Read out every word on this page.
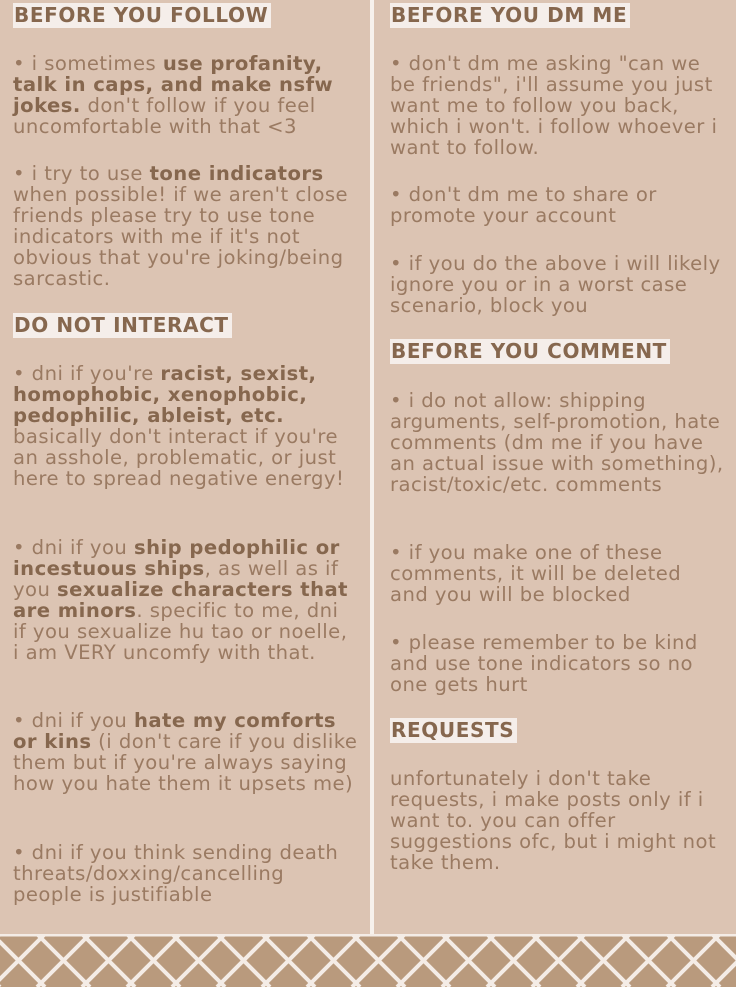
BEFORE YOU FOLLOW

• i sometimes use profanity, talk in caps, and make nsfw jokes. don't follow if you feel uncomfortable with that <3

• i try to use tone indicators when possible! if we aren't close friends please try to use tone indicators with me if it's not obvious that you're joking/being sarcastic.

DO NOT INTERACT

• dni if you're racist, sexist, homophobic, xenophobic, pedophilic, ableist, etc. basically don't interact if you're an asshole, problematic, or just here to spread negative energy!

• dni if you ship pedophilic or incestuous ships, as well as if you sexualize characters that are minors. specific to me, dni if you sexualize hu tao or noelle, i am VERY uncomfy with that.

• dni if you hate my comforts or kins (i don't care if you dislike them but if you're always saying how you hate them it upsets me)

• dni if you think sending death threats/doxxing/cancelling people is justifiable

BEFORE YOU DM ME

• don't dm me asking "can we be friends", i'll assume you just want me to follow you back, which i won't. i follow whoever i want to follow.

• don't dm me to share or promote your account

• if you do the above i will likely ignore you or in a worst case scenario, block you

BEFORE YOU COMMENT

• i do not allow: shipping arguments, self-promotion, hate comments (dm me if you have an actual issue with something), racist/toxic/etc. comments

• if you make one of these comments, it will be deleted and you will be blocked

• please remember to be kind and use tone indicators so no one gets hurt

REQUESTS

unfortunately i don't take requests, i make posts only if i want to. you can offer suggestions ofc, but i might not take them.
